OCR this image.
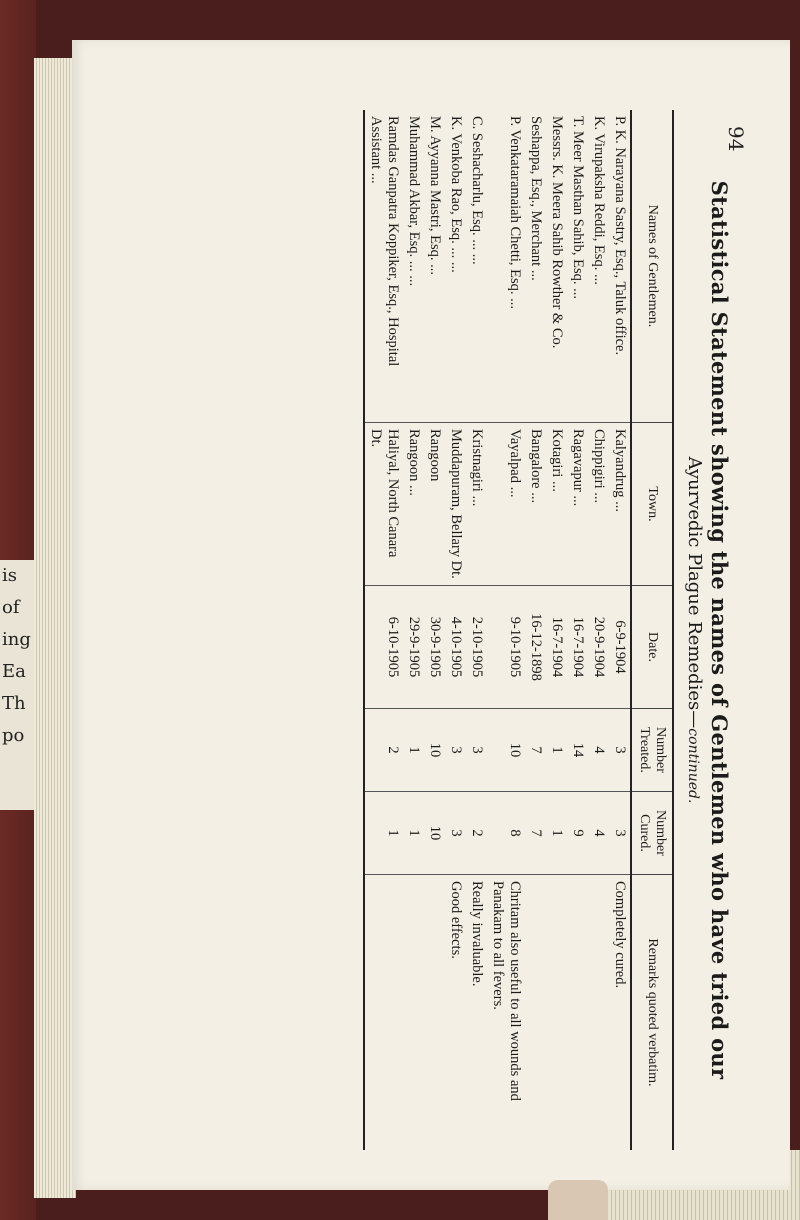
is
of
ing
Ea
Th
po
94
Statistical Statement showing the names of Gentlemen who have tried our
Ayurvedic Plague Remedies—continued.
Names of Gentlemen.	Town.	Date.	Number Treated.	Number Cured.	Remarks quoted verbatim.
P. K. Narayana Sastry, Esq., Taluk office.	Kalyandrug ...	6-9-1904	3	3	Completely cured.
K. Virupaksha Reddi, Esq. ...	Chippigiri ...	20-9-1904	4	4	
T. Meer Masthan Sahib, Esq. ...	Ragavapur ...	16-7-1904	14	9	
Messrs. K. Meera Sahib Rowther & Co.	Kotagiri ...	16-7-1904	1	1	
Seshappa, Esq., Merchant ...	Bangalore ...	16-12-1898	7	7	
P. Venkataramaiah Chetti, Esq. ...	Vayalpad ...	9-10-1905	10	8	Chritam also useful to all wounds and Panakam to all fevers.
C. Seshacharlu, Esq. ... ...	Kristnagiri ...	2-10-1905	3	2	Really invaluable.
K. Venkoba Rao, Esq. ... ...	Muddapuram, Bellary Dt.	4-10-1905	3	3	Good effects.
M. Ayyanna Mastri, Esq. ...	Rangoon	30-9-1905	10	10	
Muhammad Akbar, Esq. ... ...	Rangoon ...	29-9-1905	1	1	
Ramdas Ganpatra Koppiker, Esq., Hospital Assistant ...	Haliyal, North Canara Dt.	6-10-1905	2	1	
